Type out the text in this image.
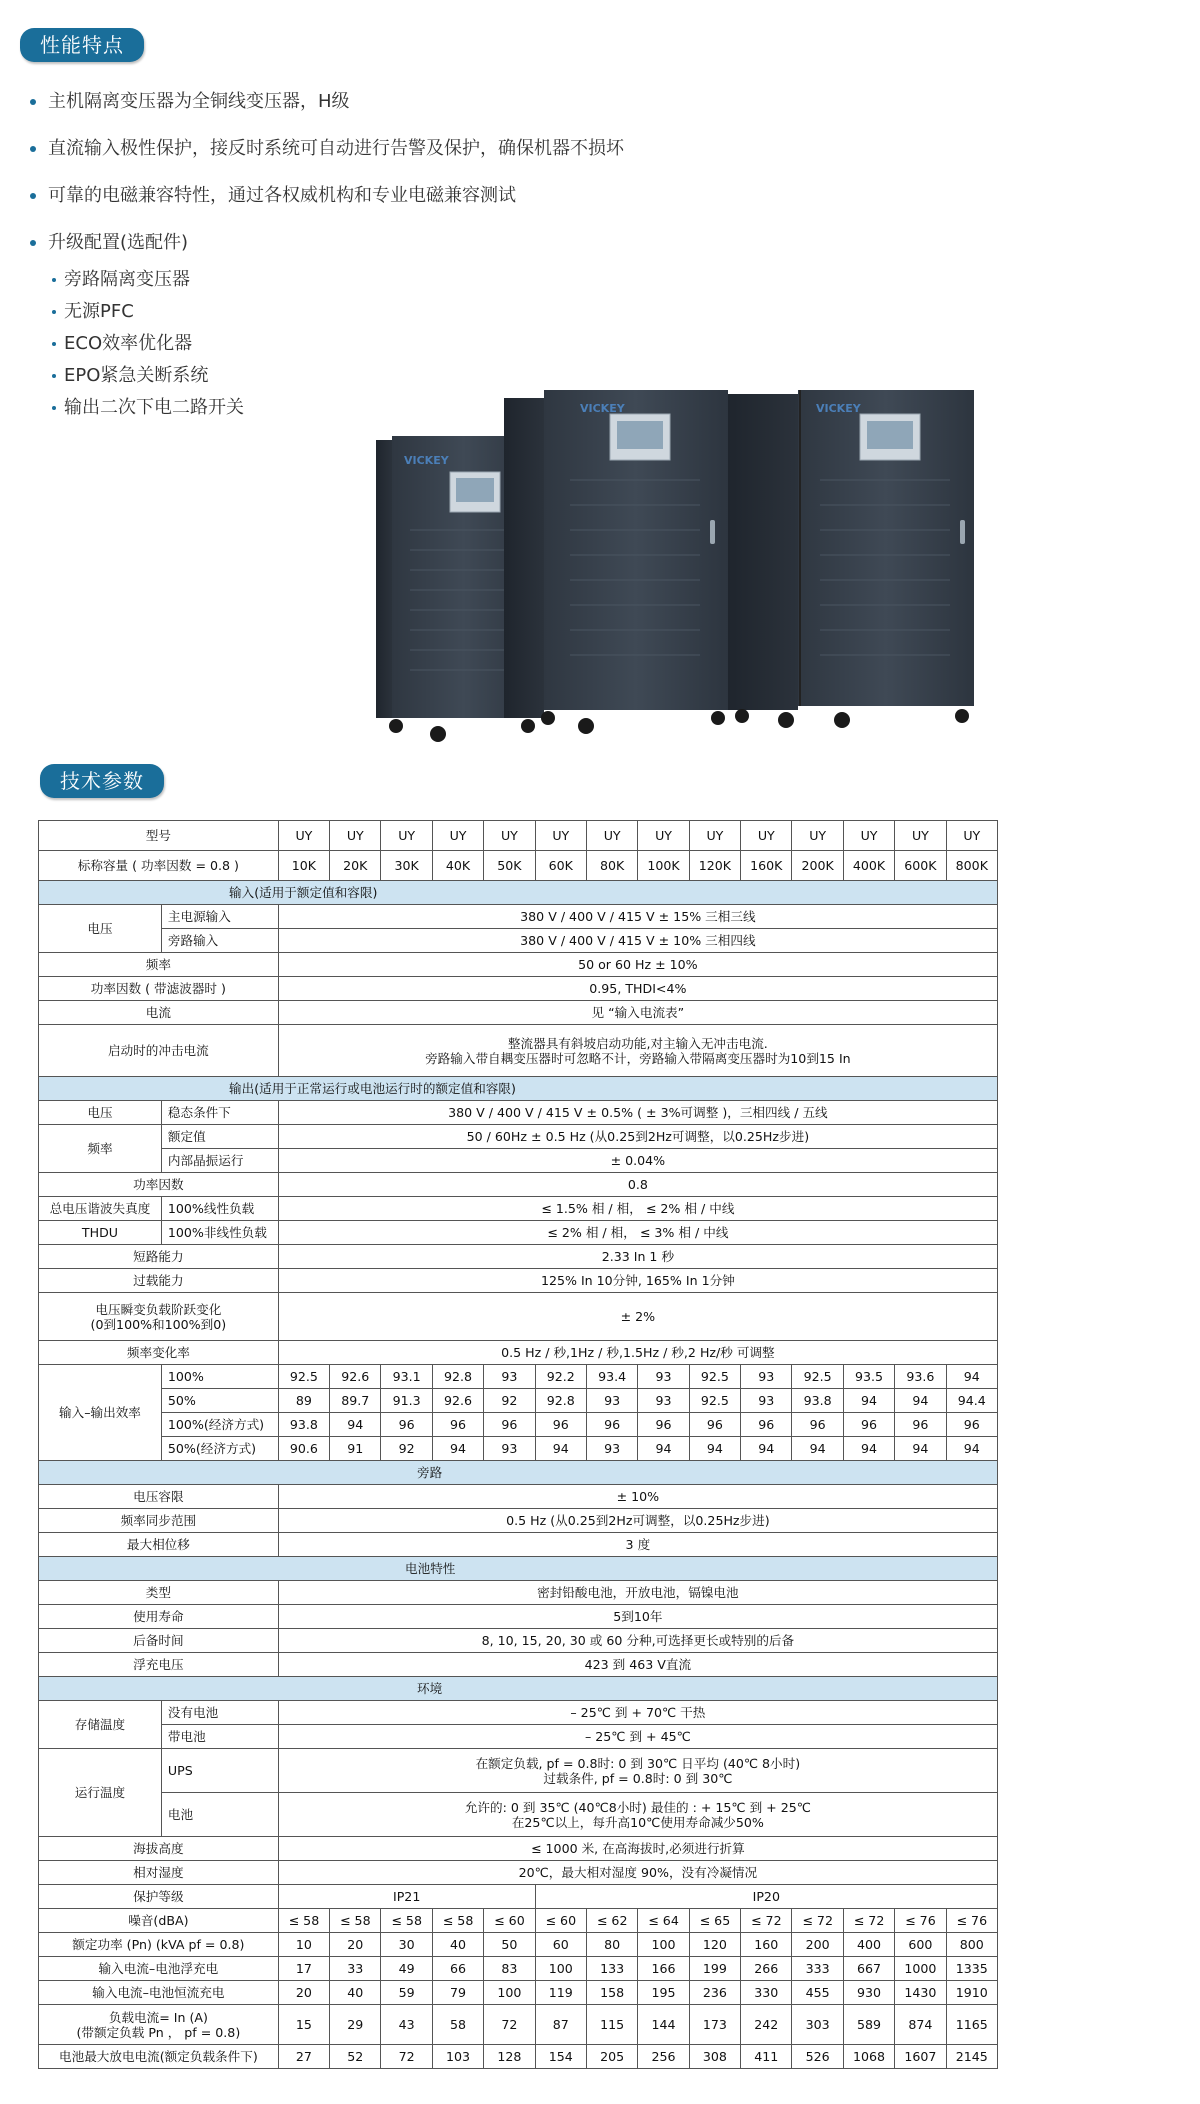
性能特点
主机隔离变压器为全铜线变压器，H级
直流输入极性保护，接反时系统可自动进行告警及保护，确保机器不损坏
可靠的电磁兼容特性，通过各权威机构和专业电磁兼容测试
升级配置(选配件)
旁路隔离变压器
无源PFC
ECO效率优化器
EPO紧急关断系统
输出二次下电二路开关
VICKEY
VICKEY	VICKEY
技术参数
型号		UY	UY	UY	UY	UY	UY	UY	UY	UY	UY	UY	UY	UY	UY
标称容量 ( 功率因数 = 0.8 )		10K	20K	30K	40K	50K	60K	80K	100K	120K	160K	200K	400K	600K	800K
输入(适用于额定值和容限)															
电压	主电源输入	380 V / 400 V / 415 V ± 15% 三相三线													
	旁路输入	380 V / 400 V / 415 V ± 10% 三相四线													
频率		50 or 60 Hz ± 10%													
功率因数 ( 带滤波器时 )		0.95, THDI<4%													
电流		见 “输入电流表”													
启动时的冲击电流		整流器具有斜坡启动功能,对主输入无冲击电流.
旁路输入带自耦变压器时可忽略不计，旁路输入带隔离变压器时为10到15 In													

输出(适用于正常运行或电池运行时的额定值和容限)															
电压	稳态条件下	380 V / 400 V / 415 V ± 0.5% ( ± 3%可调整 )，三相四线 / 五线													
频率	额定值	50 / 60Hz ± 0.5 Hz (从0.25到2Hz可调整，以0.25Hz步进)													
	内部晶振运行	± 0.04%													
功率因数		0.8													
总电压谐波失真度	100%线性负载	≤ 1.5% 相 / 相， ≤ 2% 相 / 中线													
THDU	100%非线性负载	≤ 2% 相 / 相， ≤ 3% 相 / 中线													
短路能力		2.33 In 1 秒													
过载能力		125% In 10分钟, 165% In 1分钟													

电压瞬变负载阶跃变化
(0到100%和100%到0)		± 2%													
频率变化率		0.5 Hz / 秒,1Hz / 秒,1.5Hz / 秒,2 Hz/秒 可调整													
输入–输出效率	100%	92.5	92.6	93.1	92.8	93	92.2	93.4	93	92.5	93	92.5	93.5	93.6	94
	50%	89	89.7	91.3	92.6	92	92.8	93	93	92.5	93	93.8	94	94	94.4
	100%(经济方式)	93.8	94	96	96	96	96	96	96	96	96	96	96	96	96
	50%(经济方式)	90.6	91	92	94	93	94	93	94	94	94	94	94	94	94
旁路															
电压容限		± 10%													
频率同步范围		0.5 Hz (从0.25到2Hz可调整，以0.25Hz步进)													
最大相位移		3 度													
电池特性															
类型		密封铅酸电池，开放电池，镉镍电池													
使用寿命		5到10年													
后备时间		8, 10, 15, 20, 30 或 60 分种,可选择更长或特别的后备													
浮充电压		423 到 463 V直流													
环境															
存储温度	没有电池	– 25℃ 到 + 70℃ 干热													
	带电池	– 25℃ 到 + 45℃													
运行温度	UPS	在额定负载, pf = 0.8时: 0 到 30℃ 日平均 (40℃ 8小时)
过载条件, pf = 0.8时: 0 到 30℃													

	电池	允许的: 0 到 35℃ (40℃8小时) 最佳的 : + 15℃ 到 + 25℃
在25℃以上，每升高10℃使用寿命减少50%													

海拔高度		≤ 1000 米, 在高海拔时,必须进行折算													
相对湿度		20℃，最大相对湿度 90%，没有冷凝情况													
保护等级		IP21					IP20								
噪音(dBA)		≤ 58	≤ 58	≤ 58	≤ 58	≤ 60	≤ 60	≤ 62	≤ 64	≤ 65	≤ 72	≤ 72	≤ 72	≤ 76	≤ 76
额定功率 (Pn) (kVA pf = 0.8)		10	20	30	40	50	60	80	100	120	160	200	400	600	800
输入电流–电池浮充电		17	33	49	66	83	100	133	166	199	266	333	667	1000	1335
输入电流–电池恒流充电		20	40	59	79	100	119	158	195	236	330	455	930	1430	1910

负载电流= In (A)
(带额定负载 Pn ， pf = 0.8)		15	29	43	58	72	87	115	144	173	242	303	589	874	1165
电池最大放电电流(额定负载条件下)		27	52	72	103	128	154	205	256	308	411	526	1068	1607	2145
